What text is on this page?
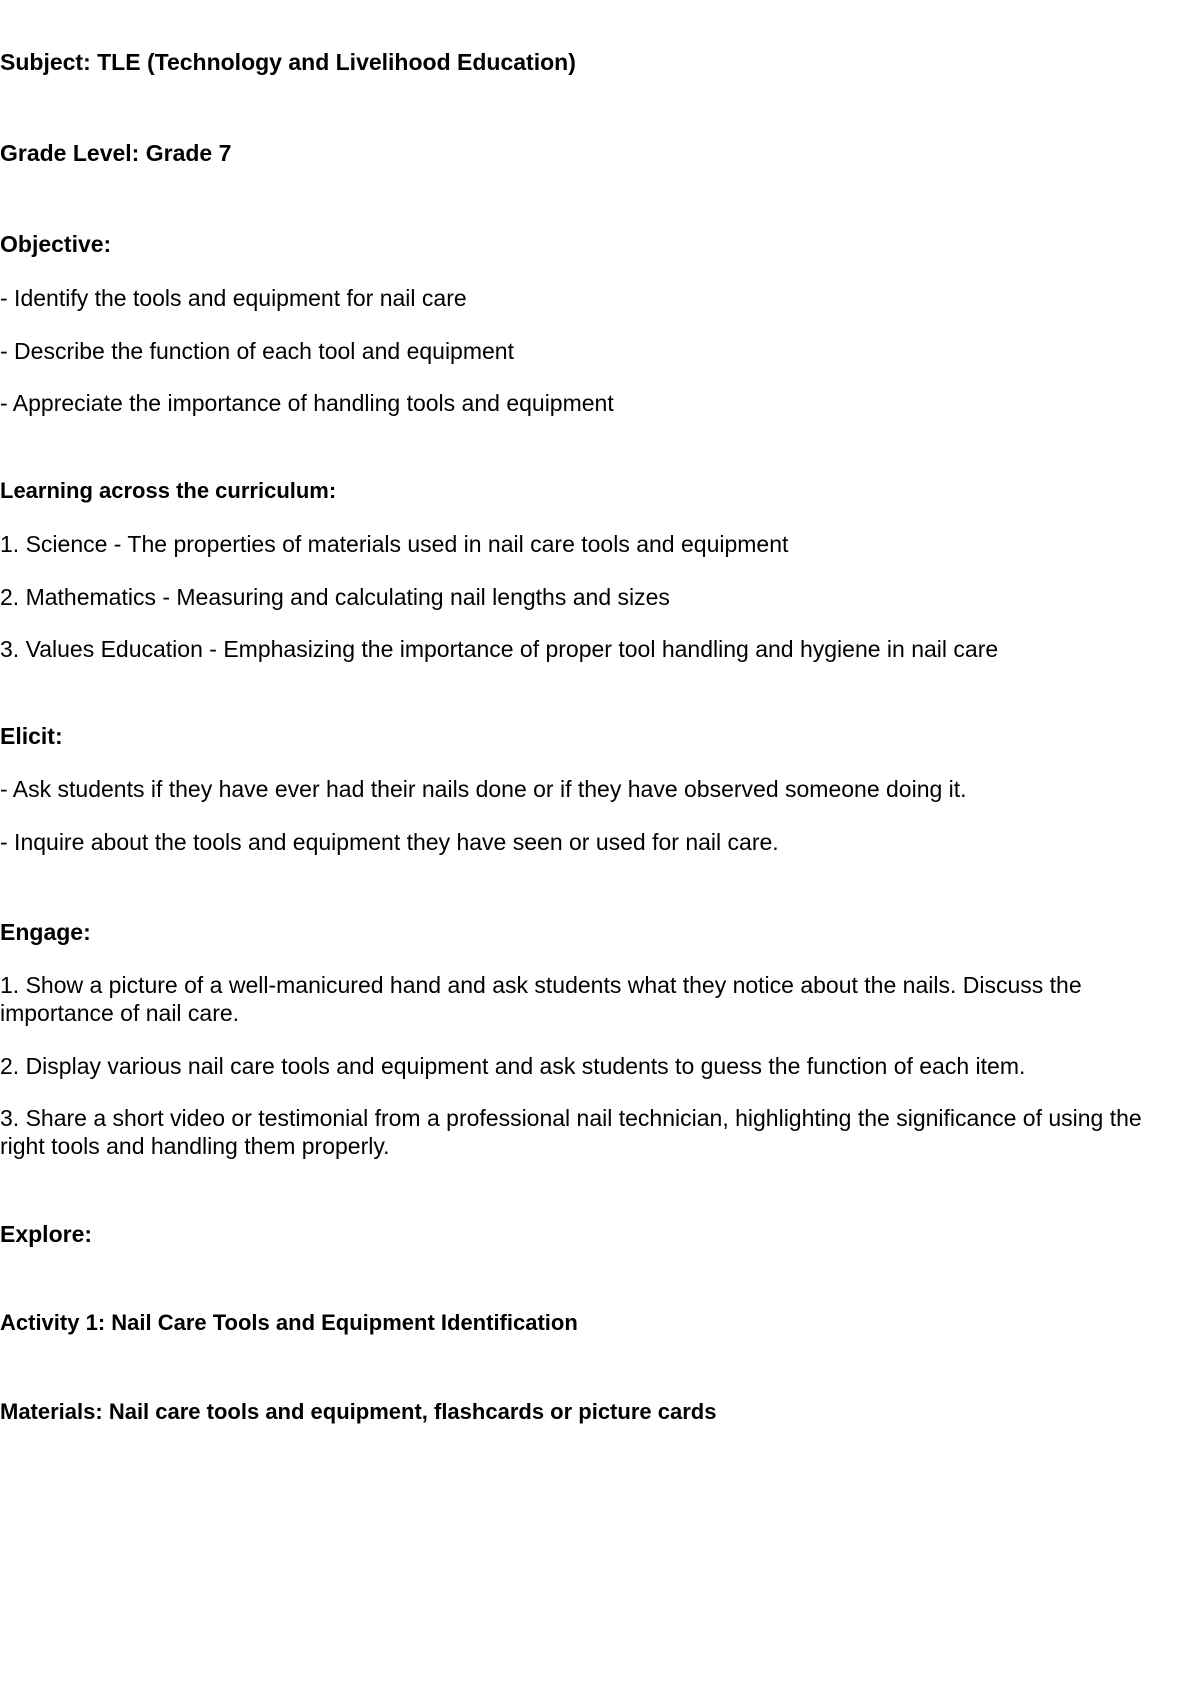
Subject: TLE (Technology and Livelihood Education)

Grade Level: Grade 7

Objective:

- Identify the tools and equipment for nail care

- Describe the function of each tool and equipment

- Appreciate the importance of handling tools and equipment

Learning across the curriculum:

1. Science - The properties of materials used in nail care tools and equipment

2. Mathematics - Measuring and calculating nail lengths and sizes

3. Values Education - Emphasizing the importance of proper tool handling and hygiene in nail care

Elicit:

- Ask students if they have ever had their nails done or if they have observed someone doing it.

- Inquire about the tools and equipment they have seen or used for nail care.

Engage:

1. Show a picture of a well-manicured hand and ask students what they notice about the nails. Discuss the importance of nail care.

2. Display various nail care tools and equipment and ask students to guess the function of each item.

3. Share a short video or testimonial from a professional nail technician, highlighting the significance of using the right tools and handling them properly.

Explore:

Activity 1: Nail Care Tools and Equipment Identification

Materials: Nail care tools and equipment, flashcards or picture cards
